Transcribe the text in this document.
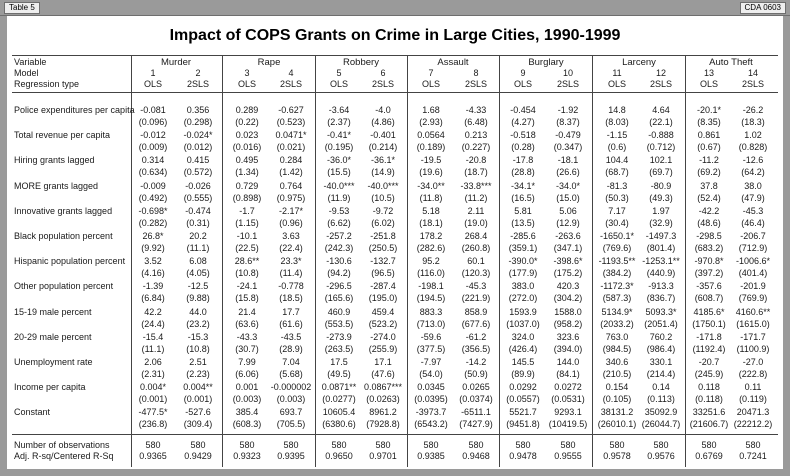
Table 5	CDA 0603
Impact of COPS Grants on Crime in Large Cities, 1990-1999
Variable
Model
Regression type
Murder	Rape	Robbery	Assault	Burglary	Larceny	Auto Theft
1	2	3	4	5	6	7	8	9	10	11	12	13	14
OLS	2SLS	OLS	2SLS	OLS	2SLS	OLS	2SLS	OLS	2SLS	OLS	2SLS	OLS	2SLS
Police expenditures per capita -0.081	0.356	0.289	-0.627	-3.64	-4.0	1.68	-4.33	-0.454	-1.92	14.8	4.64	-20.1*	-26.2
(0.096)	(0.298)	(0.22)	(0.523)	(2.37)	(4.86)	(2.93)	(6.48)	(4.27)	(8.37)	(8.03)	(22.1)	(8.35)	(18.3)
Total revenue per capita	-0.012	-0.024*	0.023	0.0471*	-0.41*	-0.401	0.0564	0.213	-0.518	-0.479	-1.15	-0.888	0.861	1.02
(0.009)	(0.012)	(0.016)	(0.021)	(0.195)	(0.214)	(0.189)	(0.227)	(0.28)	(0.347)	(0.6)	(0.712)	(0.67)	(0.828)
Hiring grants lagged	0.314	0.415	0.495	0.284	-36.0*	-36.1*	-19.5	-20.8	-17.8	-18.1	104.4	102.1	-11.2	-12.6
(0.634)	(0.572)	(1.34)	(1.42)	(15.5)	(14.9)	(19.6)	(18.7)	(28.8)	(26.6)	(68.7)	(69.7)	(69.2)	(64.2)
MORE grants lagged	-0.009	-0.026	0.729	0.764	-40.0***	-40.0***	-34.0**	-33.8***	-34.1*	-34.0*	-81.3	-80.9	37.8	38.0
(0.492)	(0.555)	(0.898)	(0.975)	(11.9)	(10.5)	(11.8)	(11.2)	(16.5)	(15.0)	(50.3)	(49.3)	(52.4)	(47.9)
Innovative grants lagged	-0.698*	-0.474	-1.7	-2.17*	-9.53	-9.72	5.18	2.11	5.81	5.06	7.17	1.97	-42.2	-45.3
(0.282)	(0.31)	(1.15)	(0.96)	(6.62)	(6.02)	(18.1)	(19.0)	(13.5)	(12.9)	(30.4)	(32.9)	(48.6)	(46.4)
Black population percent	26.8*	20.2	-10.1	3.63	-257.2	-251.8	178.2	268.4	-285.6	-263.6	-1650.1*	-1497.3	-298.5	-206.7
(9.92)	(11.1)	(22.5)	(22.4)	(242.3)	(250.5)	(282.6)	(260.8)	(359.1)	(347.1)	(769.6)	(801.4)	(683.2)	(712.9)
Hispanic population percent	3.52	6.08	28.6**	23.3*	-130.6	-132.7	95.2	60.1	-390.0*	-398.6*	-1193.5** -1253.1**	-970.8*	-1006.6*
(4.16)	(4.05)	(10.8)	(11.4)	(94.2)	(96.5)	(116.0)	(120.3)	(177.9)	(175.2)	(384.2)	(440.9)	(397.2)	(401.4)
Other population percent	-1.39	-12.5	-24.1	-0.778	-296.5	-287.4	-198.1	-45.3	383.0	420.3	-1172.3*	-913.3	-357.6	-201.9
(6.84)	(9.88)	(15.8)	(18.5)	(165.6)	(195.0)	(194.5)	(221.9)	(272.0)	(304.2)	(587.3)	(836.7)	(608.7)	(769.9)
15-19 male percent	42.2	44.0	21.4	17.7	460.9	459.4	883.3	858.9	1593.9	1588.0	5134.9*	5093.3*	4185.6*	4160.6**
(24.4)	(23.2)	(63.6)	(61.6)	(553.5)	(523.2)	(713.0)	(677.6)	(1037.0)	(958.2)	(2033.2)	(2051.4)	(1750.1)	(1615.0)
20-29 male percent	-15.4	-15.3	-43.3	-43.5	-273.9	-274.0	-59.6	-61.2	324.0	323.6	763.0	760.2	-171.8	-171.7
(11.1)	(10.8)	(30.7)	(28.9)	(263.5)	(255.9)	(377.5)	(356.5)	(426.4)	(394.0)	(984.5)	(986.4)	(1192.4)	(1100.9)
Unemployment rate	2.06	2.51	7.99	7.04	17.5	17.1	-7.97	-14.2	145.5	144.0	340.6	330.1	-20.7	-27.0
(2.31)	(2.23)	(6.06)	(5.68)	(49.5)	(47.6)	(54.0)	(50.9)	(89.9)	(84.1)	(210.5)	(214.4)	(245.9)	(222.8)
Income per capita	0.004*	0.004**	0.001	-0.000002	0.0871** 0.0867***	0.0345	0.0265	0.0292	0.0272	0.154	0.14	0.118	0.11
(0.001)	(0.001)	(0.003)	(0.003)	(0.0277)	(0.0263)	(0.0395)	(0.0374)	(0.0557)	(0.0531)	(0.105)	(0.113)	(0.118)	(0.119)
Constant	-477.5*	-527.6	385.4	693.7	10605.4	8961.2	-3973.7	-6511.1	5521.7	9293.1	38131.2	35092.9	33251.6	20471.3
(236.8)	(309.4)	(608.3)	(705.5)	(6380.6)	(7928.8)	(6543.2)	(7427.9)	(9451.8) (10419.5)	(26010.1) (26044.7)	(21606.7) (22212.2)
Number of observations
Adj. R-sq/Centered R-Sq
580	580	580	580	580	580	580	580	580	580	580	580	580	580
0.9365	0.9429	0.9323	0.9395	0.9650	0.9701	0.9385	0.9468	0.9478	0.9555	0.9578	0.9576	0.6769	0.7241
